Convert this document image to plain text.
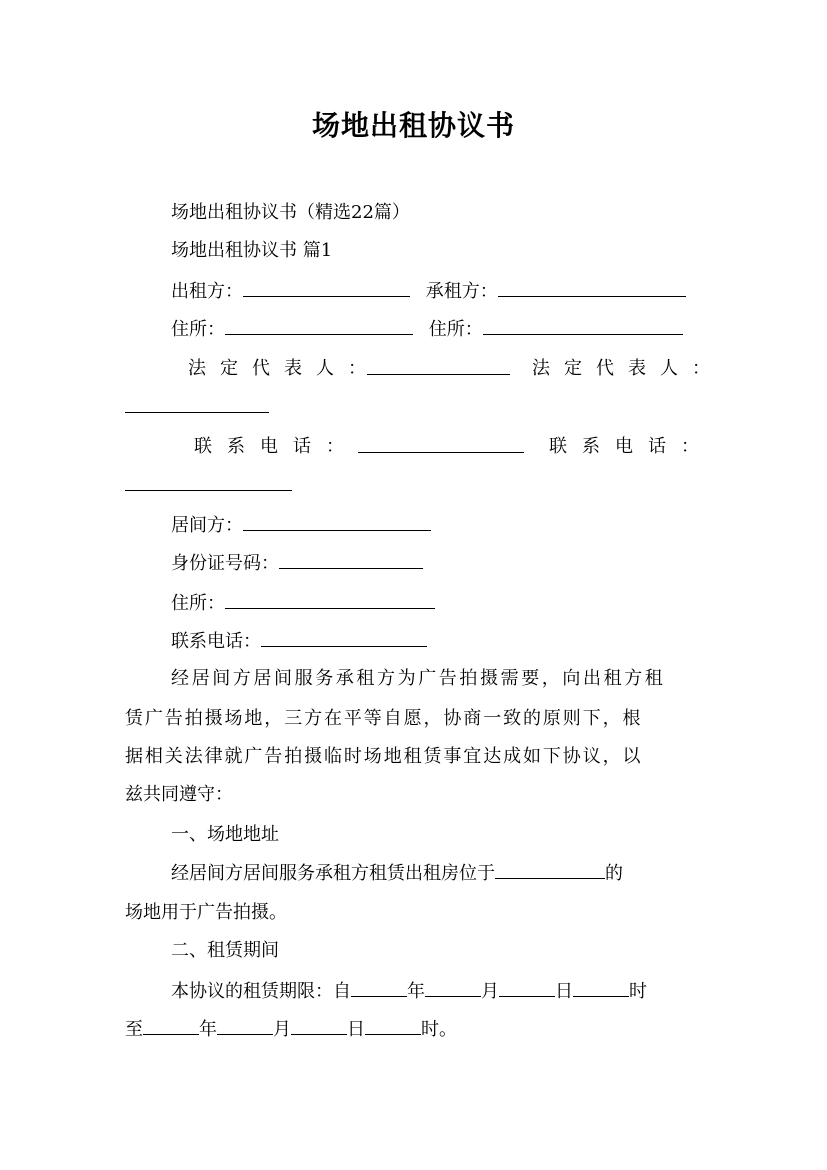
场地出租协议书
场地出租协议书（精选22篇）
场地出租协议书 篇1
出租方：	承租方：
住所：	住所：
法定代表人：	法定代表人：
联系电话：	联系电话：
居间方：
身份证号码：
住所：
联系电话：
经居间方居间服务承租方为广告拍摄需要，向出租方租
赁广告拍摄场地，三方在平等自愿，协商一致的原则下，根
据相关法律就广告拍摄临时场地租赁事宜达成如下协议，以
兹共同遵守：
一、场地地址
经居间方居间服务承租方租赁出租房位于	的
场地用于广告拍摄。
二、租赁期间
本协议的租赁期限：自	年	月	日	时
至	年	月	日	时。
